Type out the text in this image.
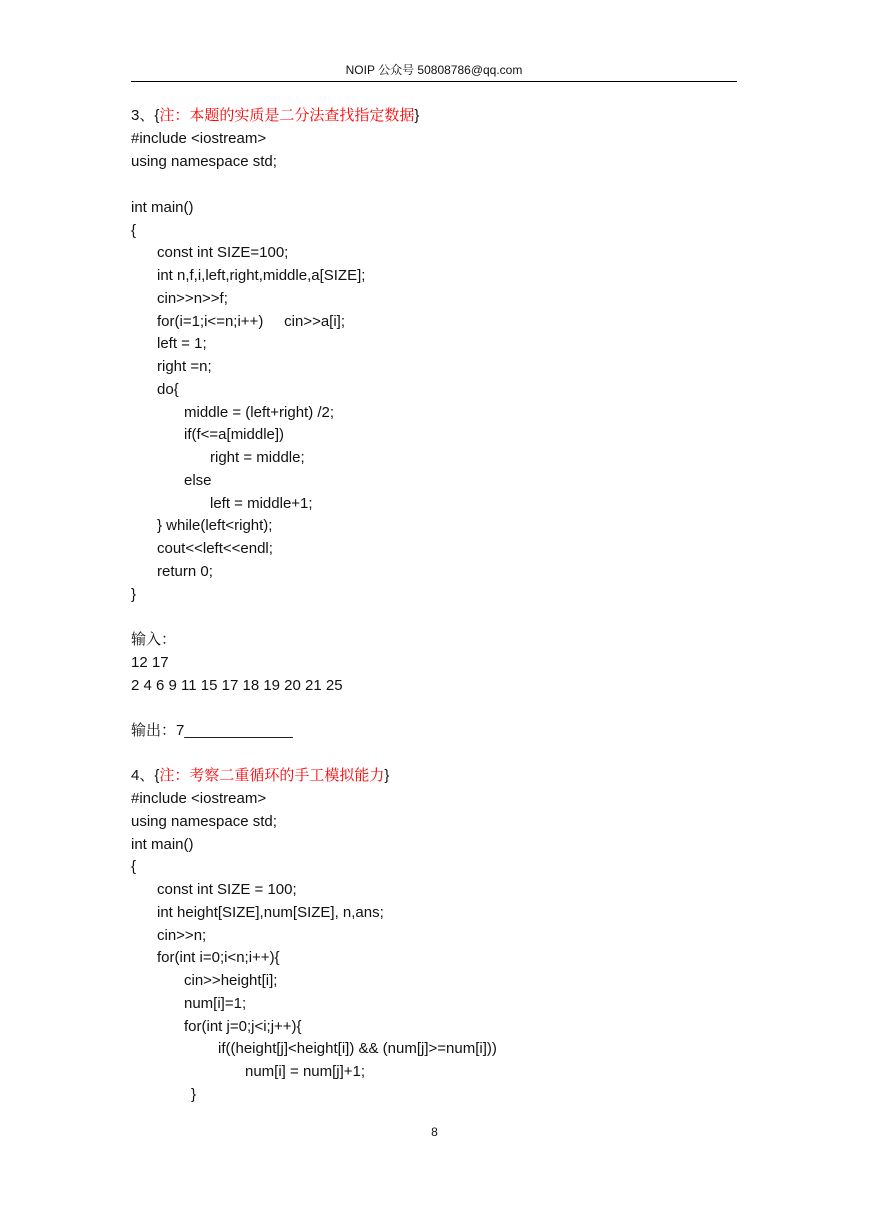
NOIP 公众号 50808786@qq.com
3、{注：本题的实质是二分法查找指定数据}
#include <iostream>
using namespace std;
int main()
{
const int SIZE=100;
int n,f,i,left,right,middle,a[SIZE];
cin>>n>>f;
for(i=1;i<=n;i++)     cin>>a[i];
left = 1;
right =n;
do{
middle = (left+right) /2;
if(f<=a[middle])
right = middle;
else
left = middle+1;
} while(left<right);
cout<<left<<endl;
return 0;
}
输入：
12 17
2 4 6 9 11 15 17 18 19 20 21 25
输出：7_____________
4、{注：考察二重循环的手工模拟能力}
#include <iostream>
using namespace std;
int main()
{
const int SIZE = 100;
int height[SIZE],num[SIZE], n,ans;
cin>>n;
for(int i=0;i<n;i++){
cin>>height[i];
num[i]=1;
for(int j=0;j<i;j++){
if((height[j]<height[i]) && (num[j]>=num[i]))
num[i] = num[j]+1;
}
8
